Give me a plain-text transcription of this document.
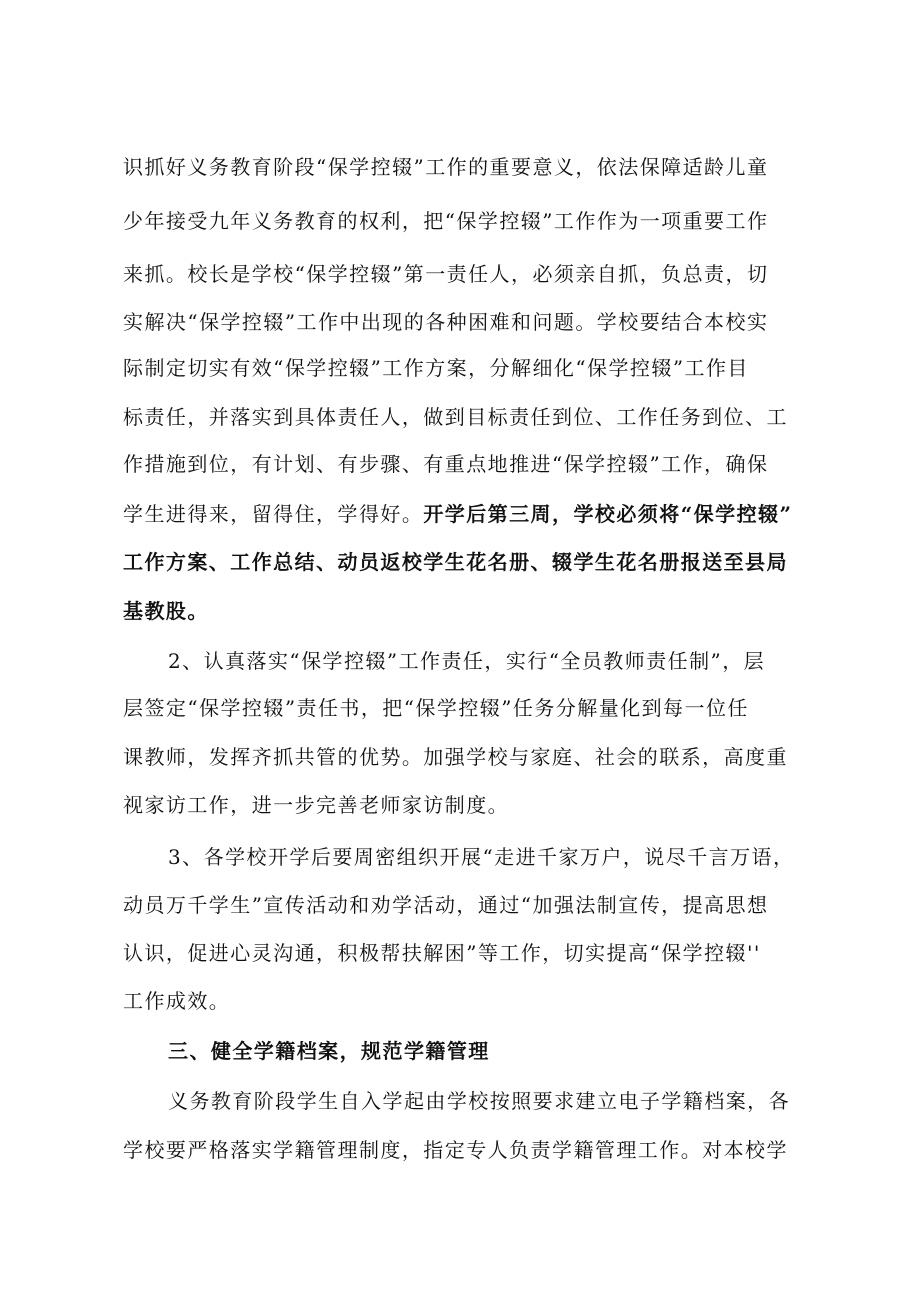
识抓好义务教育阶段“保学控辍”工作的重要意义，依法保障适龄儿童
少年接受九年义务教育的权利，把“保学控辍”工作作为一项重要工作
来抓。校长是学校“保学控辍”第一责任人，必须亲自抓，负总责，切
实解决“保学控辍”工作中出现的各种困难和问题。学校要结合本校实
际制定切实有效“保学控辍”工作方案，分解细化“保学控辍”工作目
标责任，并落实到具体责任人，做到目标责任到位、工作任务到位、工
作措施到位，有计划、有步骤、有重点地推进“保学控辍”工作，确保
学生进得来，留得住，学得好。开学后第三周，学校必须将“保学控辍”
工作方案、工作总结、动员返校学生花名册、辍学生花名册报送至县局
基教股。
2、认真落实“保学控辍”工作责任，实行“全员教师责任制”，层
层签定“保学控辍”责任书，把“保学控辍”任务分解量化到每一位任
课教师，发挥齐抓共管的优势。加强学校与家庭、社会的联系，高度重
视家访工作，进一步完善老师家访制度。
3、各学校开学后要周密组织开展“走进千家万户，说尽千言万语，
动员万千学生”宣传活动和劝学活动，通过“加强法制宣传，提高思想
认识，促进心灵沟通，积极帮扶解困”等工作，切实提高“保学控辍''
工作成效。
三、健全学籍档案，规范学籍管理
义务教育阶段学生自入学起由学校按照要求建立电子学籍档案，各
学校要严格落实学籍管理制度，指定专人负责学籍管理工作。对本校学
